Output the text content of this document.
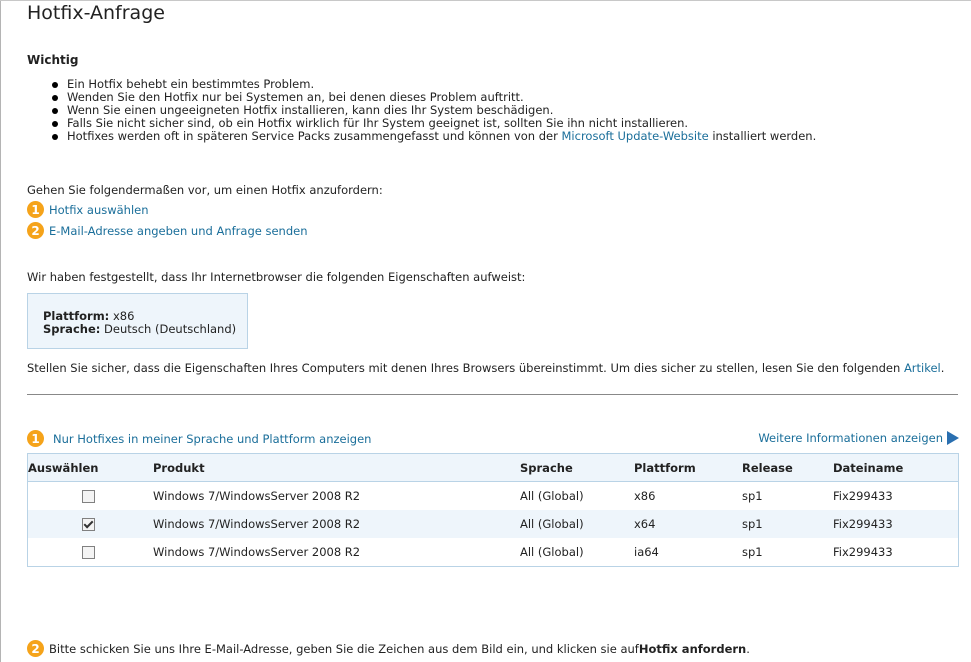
Hotfix-Anfrage
Wichtig
Ein Hotfix behebt ein bestimmtes Problem.
Wenden Sie den Hotfix nur bei Systemen an, bei denen dieses Problem auftritt.
Wenn Sie einen ungeeigneten Hotfix installieren, kann dies Ihr System beschädigen.
Falls Sie nicht sicher sind, ob ein Hotfix wirklich für Ihr System geeignet ist, sollten Sie ihn nicht installieren.
Hotfixes werden oft in späteren Service Packs zusammengefasst und können von der Microsoft Update-Website installiert werden.
Gehen Sie folgendermaßen vor, um einen Hotfix anzufordern:
1 Hotfix auswählen
2 E-Mail-Adresse angeben und Anfrage senden
Wir haben festgestellt, dass Ihr Internetbrowser die folgenden Eigenschaften aufweist:
Plattform: x86
Sprache: Deutsch (Deutschland)
Stellen Sie sicher, dass die Eigenschaften Ihres Computers mit denen Ihres Browsers übereinstimmt. Um dies sicher zu stellen, lesen Sie den folgenden Artikel.
1	Nur Hotfixes in meiner Sprache und Plattform anzeigen	Weitere Informationen anzeigen
Auswählen	Produkt	Sprache	Plattform	Release	Dateiname

	Windows 7/WindowsServer 2008 R2	All (Global)	x86	sp1	Fix299433

	Windows 7/WindowsServer 2008 R2	All (Global)	x64	sp1	Fix299433

	Windows 7/WindowsServer 2008 R2	All (Global)	ia64	sp1	Fix299433
2 Bitte schicken Sie uns Ihre E-Mail-Adresse, geben Sie die Zeichen aus dem Bild ein, und klicken sie auf Hotfix anfordern .
